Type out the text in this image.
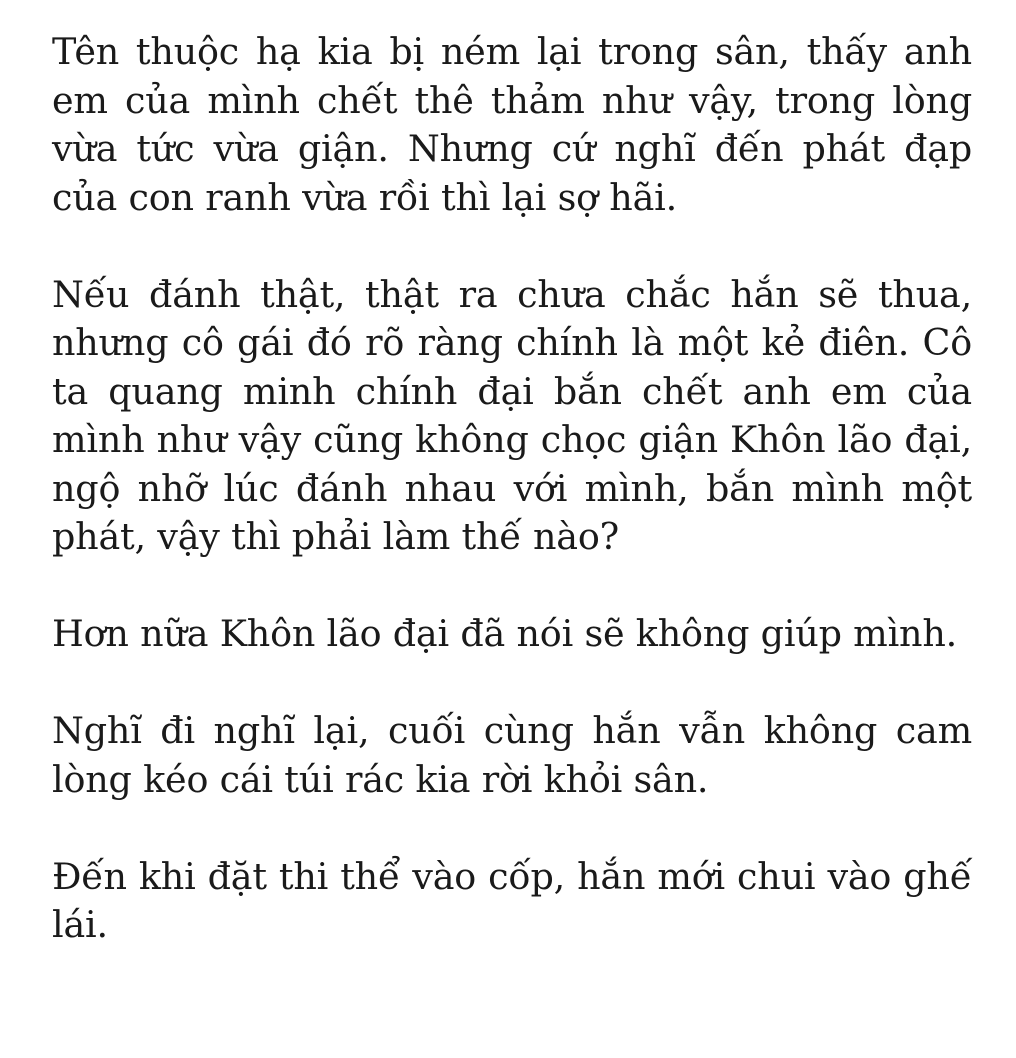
Tên thuộc hạ kia bị ném lại trong sân, thấy anh em của mình chết thê thảm như vậy, trong lòng vừa tức vừa giận. Nhưng cứ nghĩ đến phát đạp của con ranh vừa rồi thì lại sợ hãi.

Nếu đánh thật, thật ra chưa chắc hắn sẽ thua, nhưng cô gái đó rõ ràng chính là một kẻ điên. Cô ta quang minh chính đại bắn chết anh em của mình như vậy cũng không chọc giận Khôn lão đại, ngộ nhỡ lúc đánh nhau với mình, bắn mình một phát, vậy thì phải làm thế nào?

Hơn nữa Khôn lão đại đã nói sẽ không giúp mình.

Nghĩ đi nghĩ lại, cuối cùng hắn vẫn không cam lòng kéo cái túi rác kia rời khỏi sân.

Đến khi đặt thi thể vào cốp, hắn mới chui vào ghế lái.
